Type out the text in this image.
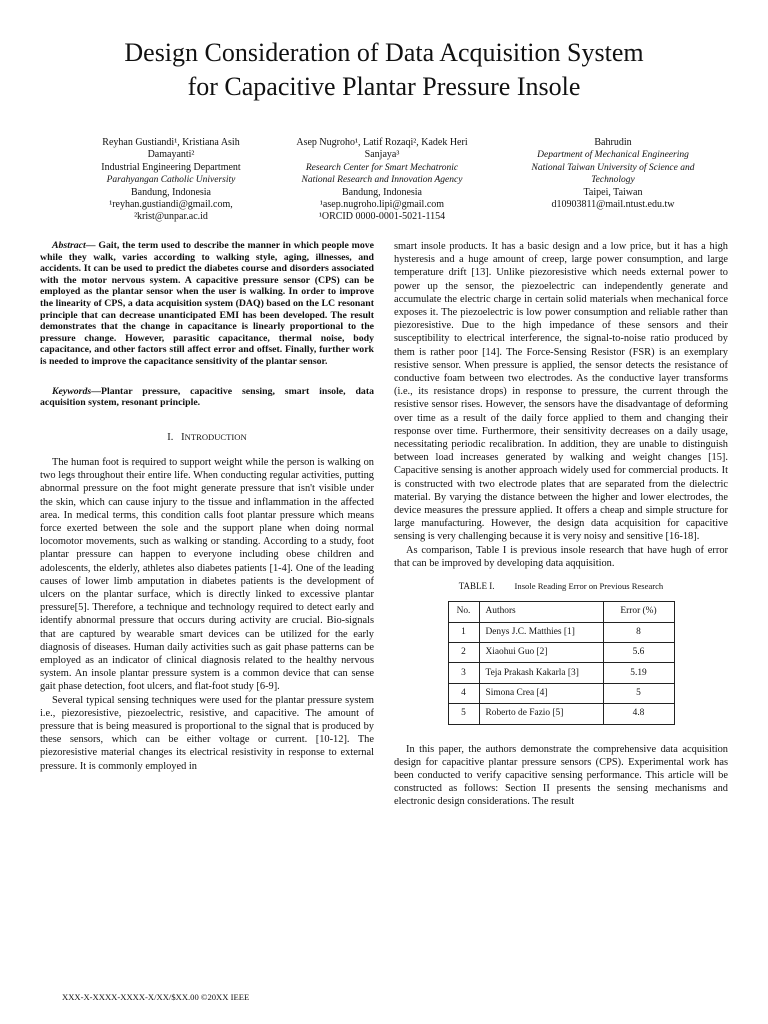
Design Consideration of Data Acquisition System
for Capacitive Plantar Pressure Insole
Reyhan Gustiandi¹, Kristiana Asih
Damayanti²
Industrial Engineering Department
Parahyangan Catholic University
Bandung, Indonesia
¹reyhan.gustiandi@gmail.com,
²krist@unpar.ac.id
Asep Nugroho¹, Latif Rozaqi², Kadek Heri
Sanjaya³
Research Center for Smart Mechatronic
National Research and Innovation Agency
Bandung, Indonesia
¹asep.nugroho.lipi@gmail.com
¹ORCID 0000-0001-5021-1154
Bahrudin
Department of Mechanical Engineering
National Taiwan University of Science and
Technology
Taipei, Taiwan
d10903811@mail.ntust.edu.tw

Abstract— Gait, the term used to describe the manner in which people move while they walk, varies according to walking style, aging, illnesses, and accidents. It can be used to predict the diabetes course and disorders associated with the motor nervous system. A capacitive pressure sensor (CPS) can be employed as the plantar sensor when the user is walking. In order to improve the linearity of CPS, a data acquisition system (DAQ) based on the LC resonant principle that can decrease unanticipated EMI has been developed. The result demonstrates that the change in capacitance is linearly proportional to the pressure change. However, parasitic capacitance, thermal noise, body capacitance, and other factors still affect error and offset. Finally, further work is needed to improve the capacitance sensitivity of the plantar sensor.

Keywords—Plantar pressure, capacitive sensing, smart insole, data acquisition system, resonant principle.

I. INTRODUCTION

The human foot is required to support weight while the person is walking on two legs throughout their entire life. When conducting regular activities, putting abnormal pressure on the foot might generate pressure that isn't visible under the skin, which can cause injury to the tissue and inflammation in the affected area. In medical terms, this condition calls foot plantar pressure which means force exerted between the sole and the support plane when doing normal locomotor movements, such as walking or standing. According to a study, foot plantar pressure can happen to everyone including obese children and adolescents, the elderly, athletes also diabetes patients [1-4]. One of the leading causes of lower limb amputation in diabetes patients is the development of ulcers on the plantar surface, which is directly linked to excessive plantar pressure[5]. Therefore, a technique and technology required to detect early and identify abnormal pressure that occurs during activity are crucial. Bio-signals that are captured by wearable smart devices can be utilized for the early diagnosis of diseases. Human daily activities such as gait phase patterns can be employed as an indicator of clinical diagnosis related to the healthy nervous system. An insole plantar pressure system is a common device that can sense gait phase detection, foot ulcers, and flat-foot study [6-9].

Several typical sensing techniques were used for the plantar pressure system i.e., piezoresistive, piezoelectric, resistive, and capacitive. The amount of pressure that is being measured is proportional to the signal that is produced by these sensors, which can be either voltage or current. [10-12]. The piezoresistive material changes its electrical resistivity in response to external pressure. It is commonly employed in

smart insole products. It has a basic design and a low price, but it has a high hysteresis and a huge amount of creep, large power consumption, and large temperature drift [13]. Unlike piezoresistive which needs external power to power up the sensor, the piezoelectric can independently generate and accumulate the electric charge in certain solid materials when mechanical force exposes it. The piezoelectric is low power consumption and reliable rather than piezoresistive. Due to the high impedance of these sensors and their susceptibility to electrical interference, the signal-to-noise ratio produced by them is rather poor [14]. The Force-Sensing Resistor (FSR) is an exemplary resistive sensor. When pressure is applied, the sensor detects the resistance of conductive foam between two electrodes. As the conductive layer transforms (i.e., its resistance drops) in response to pressure, the current through the resistive sensor rises. However, the sensors have the disadvantage of deforming over time as a result of the daily force applied to them and changing their response over time. Furthermore, their sensitivity decreases on a daily usage, necessitating periodic recalibration. In addition, they are unable to distinguish between load increases generated by walking and weight changes [15]. Capacitive sensing is another approach widely used for commercial products. It is constructed with two electrode plates that are separated from the dielectric material. By varying the distance between the higher and lower electrodes, the device measures the pressure applied. It offers a cheap and simple structure for large manufacturing. However, the design data acquisition for capacitive sensing is very challenging because it is very noisy and sensitive [16-18].

As comparison, Table I is previous insole research that have hugh of error that can be improved by developing data aqquisition.

TABLE I. Insole Reading Error on Previous Research
No.	Authors	Error (%)
1	Denys J.C. Matthies [1]	8
2	Xiaohui Guo [2]	5.6
3	Teja Prakash Kakarla [3]	5.19
4	Simona Crea [4]	5
5	Roberto de Fazio [5]	4.8

In this paper, the authors demonstrate the comprehensive data acquisition design for capacitive plantar pressure sensors (CPS). Experimental work has been conducted to verify capacitive sensing performance. This article will be constructed as follows: Section II presents the sensing mechanisms and electronic design considerations. The result

XXX-X-XXXX-XXXX-X/XX/$XX.00 ©20XX IEEE
